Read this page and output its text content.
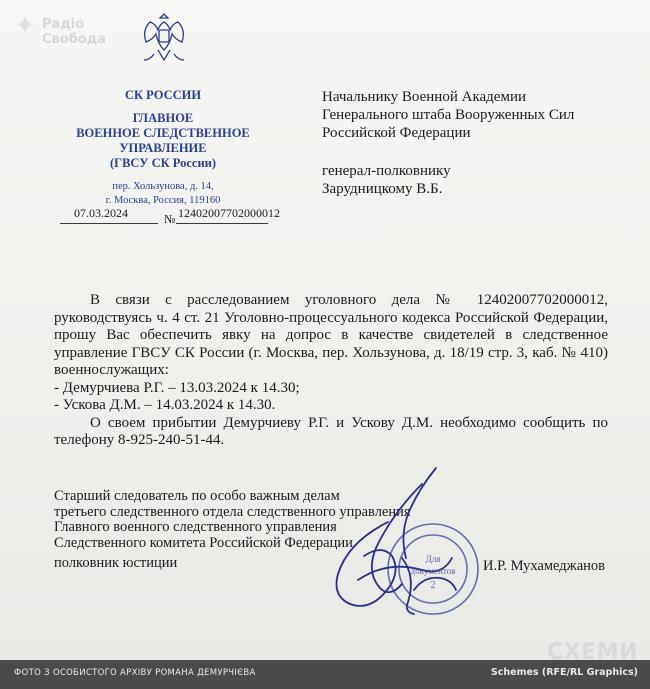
✦ Радіо
Свобода
СК РОССИИ
ГЛАВНОЕ
ВОЕННОЕ СЛЕДСТВЕННОЕ
УПРАВЛЕНИЕ
(ГВСУ СК России)
пер. Хользунова, д. 14,
г. Москва, Россия, 119160
07.03.2024	№ 12402007702000012
Начальнику Военной Академии
Генерального штаба Вооруженных Сил
Российской Федерации
генерал-полковнику
Зарудницкому В.Б.

В связи с расследованием уголовного дела № 12402007702000012, руководствуясь ч. 4 ст. 21 Уголовно-процессуального кодекса Российской Федерации, прошу Вас обеспечить явку на допрос в качестве свидетелей в следственное управление ГВСУ СК России (г. Москва, пер. Хользунова, д. 18/19 стр. 3, каб. № 410) военнослужащих:

- Демурчиева Р.Г. – 13.03.2024 к 14.30;

- Ускова Д.М. – 14.03.2024 к 14.30.

О своем прибытии Демурчиеву Р.Г. и Ускову Д.М. необходимо сообщить по телефону 8-925-240-51-44.

Старший следователь по особо важным делам
третьего следственного отдела следственного управления
Главного военного следственного управления
Следственного комитета Российской Федерации
полковник юстиции	И.Р. Мухамеджанов
Для
документов
2
СХЕМИ
ФОТО З ОСОБИСТОГО АРХІВУ РОМАНА ДЕМУРЧІЄВА	Schemes (RFE/RL Graphics)
